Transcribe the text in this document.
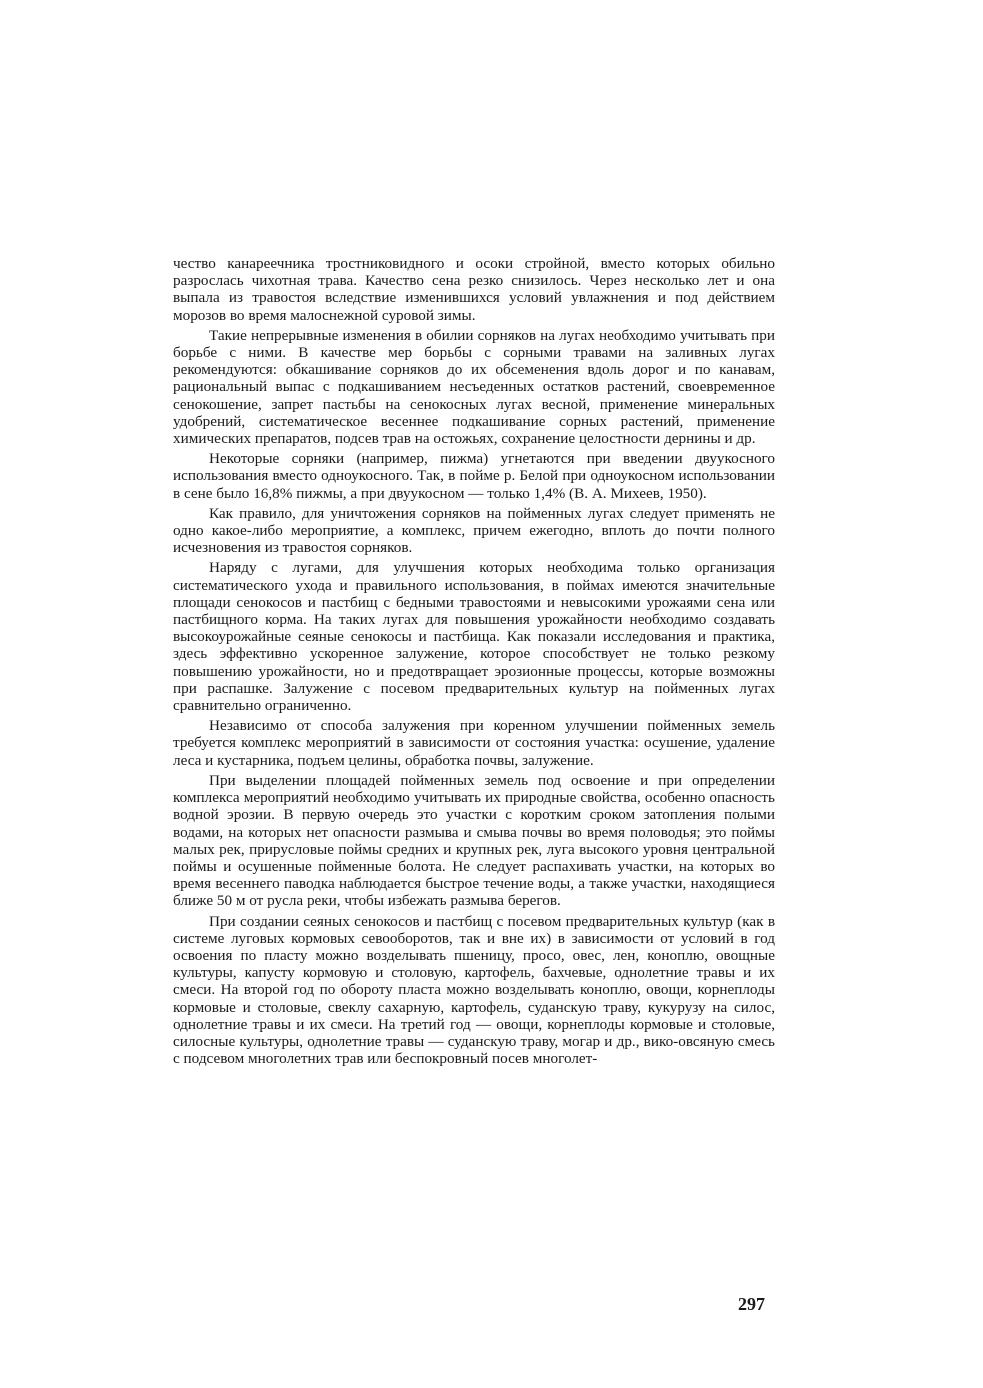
чество канареечника тростниковидного и осоки стройной, вместо которых обильно разрослась чихотная трава. Качество сена резко снизилось. Через несколько лет и она выпала из травостоя вследствие изменившихся условий увлажнения и под действием морозов во время малоснежной суровой зимы.

Такие непрерывные изменения в обилии сорняков на лугах необходимо учитывать при борьбе с ними. В качестве мер борьбы с сорными травами на заливных лугах рекомендуются: обкашивание сорняков до их обсеменения вдоль дорог и по канавам, рациональный выпас с подкашиванием несъеденных остатков растений, своевременное сенокошение, запрет пастьбы на сенокосных лугах весной, применение минеральных удобрений, систематическое весеннее подкашивание сорных растений, применение химических препаратов, подсев трав на остожьях, сохранение целостности дернины и др.

Некоторые сорняки (например, пижма) угнетаются при введении двуукосного использования вместо одноукосного. Так, в пойме р. Белой при одноукосном использовании в сене было 16,8% пижмы, а при двуукосном — только 1,4% (В. А. Михеев, 1950).

Как правило, для уничтожения сорняков на пойменных лугах следует применять не одно какое-либо мероприятие, а комплекс, причем ежегодно, вплоть до почти полного исчезновения из травостоя сорняков.

Наряду с лугами, для улучшения которых необходима только организация систематического ухода и правильного использования, в поймах имеются значительные площади сенокосов и пастбищ с бедными травостоями и невысокими урожаями сена или пастбищного корма. На таких лугах для повышения урожайности необходимо создавать высокоурожайные сеяные сенокосы и пастбища. Как показали исследования и практика, здесь эффективно ускоренное залужение, которое способствует не только резкому повышению урожайности, но и предотвращает эрозионные процессы, которые возможны при распашке. Залужение с посевом предварительных культур на пойменных лугах сравнительно ограниченно.

Независимо от способа залужения при коренном улучшении пойменных земель требуется комплекс мероприятий в зависимости от состояния участка: осушение, удаление леса и кустарника, подъем целины, обработка почвы, залужение.

При выделении площадей пойменных земель под освоение и при определении комплекса мероприятий необходимо учитывать их природные свойства, особенно опасность водной эрозии. В первую очередь это участки с коротким сроком затопления полыми водами, на которых нет опасности размыва и смыва почвы во время половодья; это поймы малых рек, прирусловые поймы средних и крупных рек, луга высокого уровня центральной поймы и осушенные пойменные болота. Не следует распахивать участки, на которых во время весеннего паводка наблюдается быстрое течение воды, а также участки, находящиеся ближе 50 м от русла реки, чтобы избежать размыва берегов.

При создании сеяных сенокосов и пастбищ с посевом предварительных культур (как в системе луговых кормовых севооборотов, так и вне их) в зависимости от условий в год освоения по пласту можно возделывать пшеницу, просо, овес, лен, коноплю, овощные культуры, капусту кормовую и столовую, картофель, бахчевые, однолетние травы и их смеси. На второй год по обороту пласта можно возделывать коноплю, овощи, корнеплоды кормовые и столовые, свеклу сахарную, картофель, суданскую траву, кукурузу на силос, однолетние травы и их смеси. На третий год — овощи, корнеплоды кормовые и столовые, силосные культуры, однолетние травы — суданскую траву, могар и др., вико-овсяную смесь с подсевом многолетних трав или беспокровный посев многолет-

297
